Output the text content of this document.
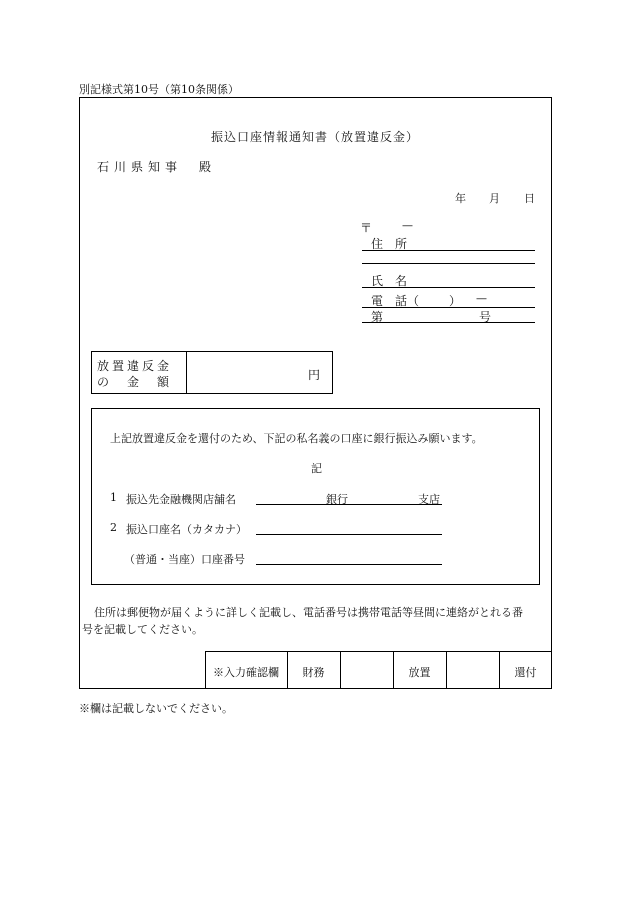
別記様式第10号（第10条関係）
振込口座情報通知書（放置違反金）
石川県知事　殿
年 月 日
〒	—
住　所
氏　名
電　話（ ） —
第	号
放置違反金
の　金　額	円
上記放置違反金を還付のため、下記の私名義の口座に銀行振込み願います。
記
1 振込先金融機関店舗名	銀行	支店
2 振込口座名（カタカナ）
（普通・当座）口座番号
住所は郵便物が届くように詳しく記載し、電話番号は携帯電話等昼間に連絡がとれる番
号を記載してください。
※入力確認欄	財務	放置	還付
※欄は記載しないでください。
